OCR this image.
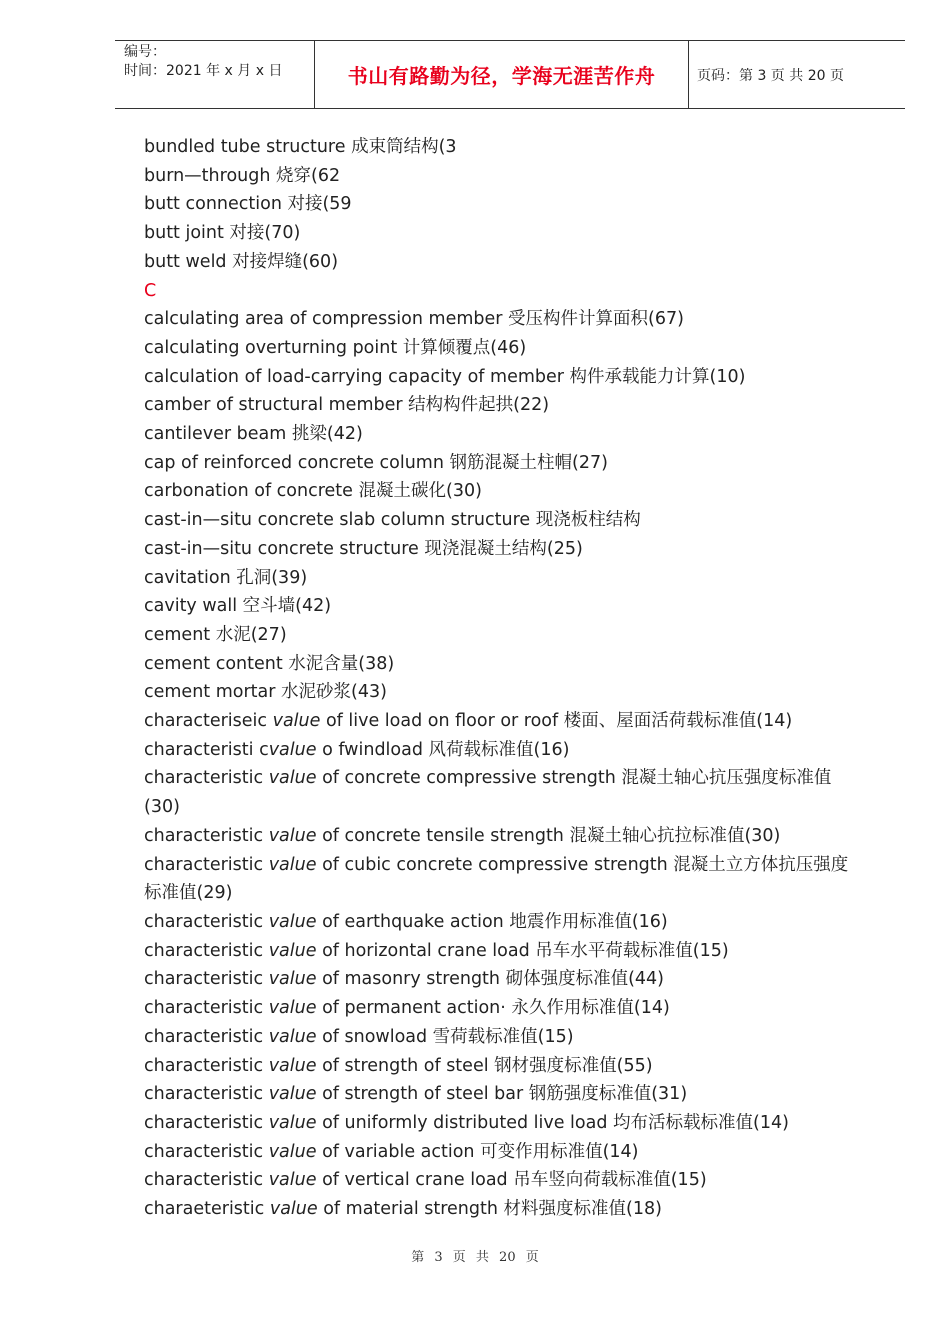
编号：
时间：2021 年 x 月 x 日	书山有路勤为径，学海无涯苦作舟	页码：第 3 页 共 20 页
bundled tube structure 成束筒结构(3
burn—through 烧穿(62
butt connection 对接(59
butt joint 对接(70)
butt weld 对接焊缝(60)
C
calculating area of compression member 受压构件计算面积(67)
calculating overturning point 计算倾覆点(46)
calculation of load-carrying capacity of member 构件承载能力计算(10)
camber of structural member 结构构件起拱(22)
cantilever beam 挑梁(42)
cap of reinforced concrete column 钢筋混凝土柱帽(27)
carbonation of concrete 混凝土碳化(30)
cast-in—situ concrete slab column structure 现浇板柱结构
cast-in—situ concrete structure 现浇混凝土结构(25)
cavitation 孔洞(39)
cavity wall 空斗墙(42)
cement 水泥(27)
cement content 水泥含量(38)
cement mortar 水泥砂浆(43)
characteriseic value of live load on floor or roof 楼面、屋面活荷载标准值(14)
characteristi cvalue o fwindload 风荷载标准值(16)
characteristic value of concrete compressive strength 混凝土轴心抗压强度标准值(30)
characteristic value of concrete tensile strength 混凝土轴心抗拉标准值(30)
characteristic value of cubic concrete compressive strength 混凝土立方体抗压强度标准值(29)
characteristic value of earthquake action 地震作用标准值(16)
characteristic value of horizontal crane load 吊车水平荷载标准值(15)
characteristic value of masonry strength 砌体强度标准值(44)
characteristic value of permanent action· 永久作用标准值(14)
characteristic value of snowload 雪荷载标准值(15)
characteristic value of strength of steel 钢材强度标准值(55)
characteristic value of strength of steel bar 钢筋强度标准值(31)
characteristic value of uniformly distributed live load 均布活标载标准值(14)
characteristic value of variable action 可变作用标准值(14)
characteristic value of vertical crane load 吊车竖向荷载标准值(15)
charaeteristic value of material strength 材料强度标准值(18)
第 3 页 共 20 页
